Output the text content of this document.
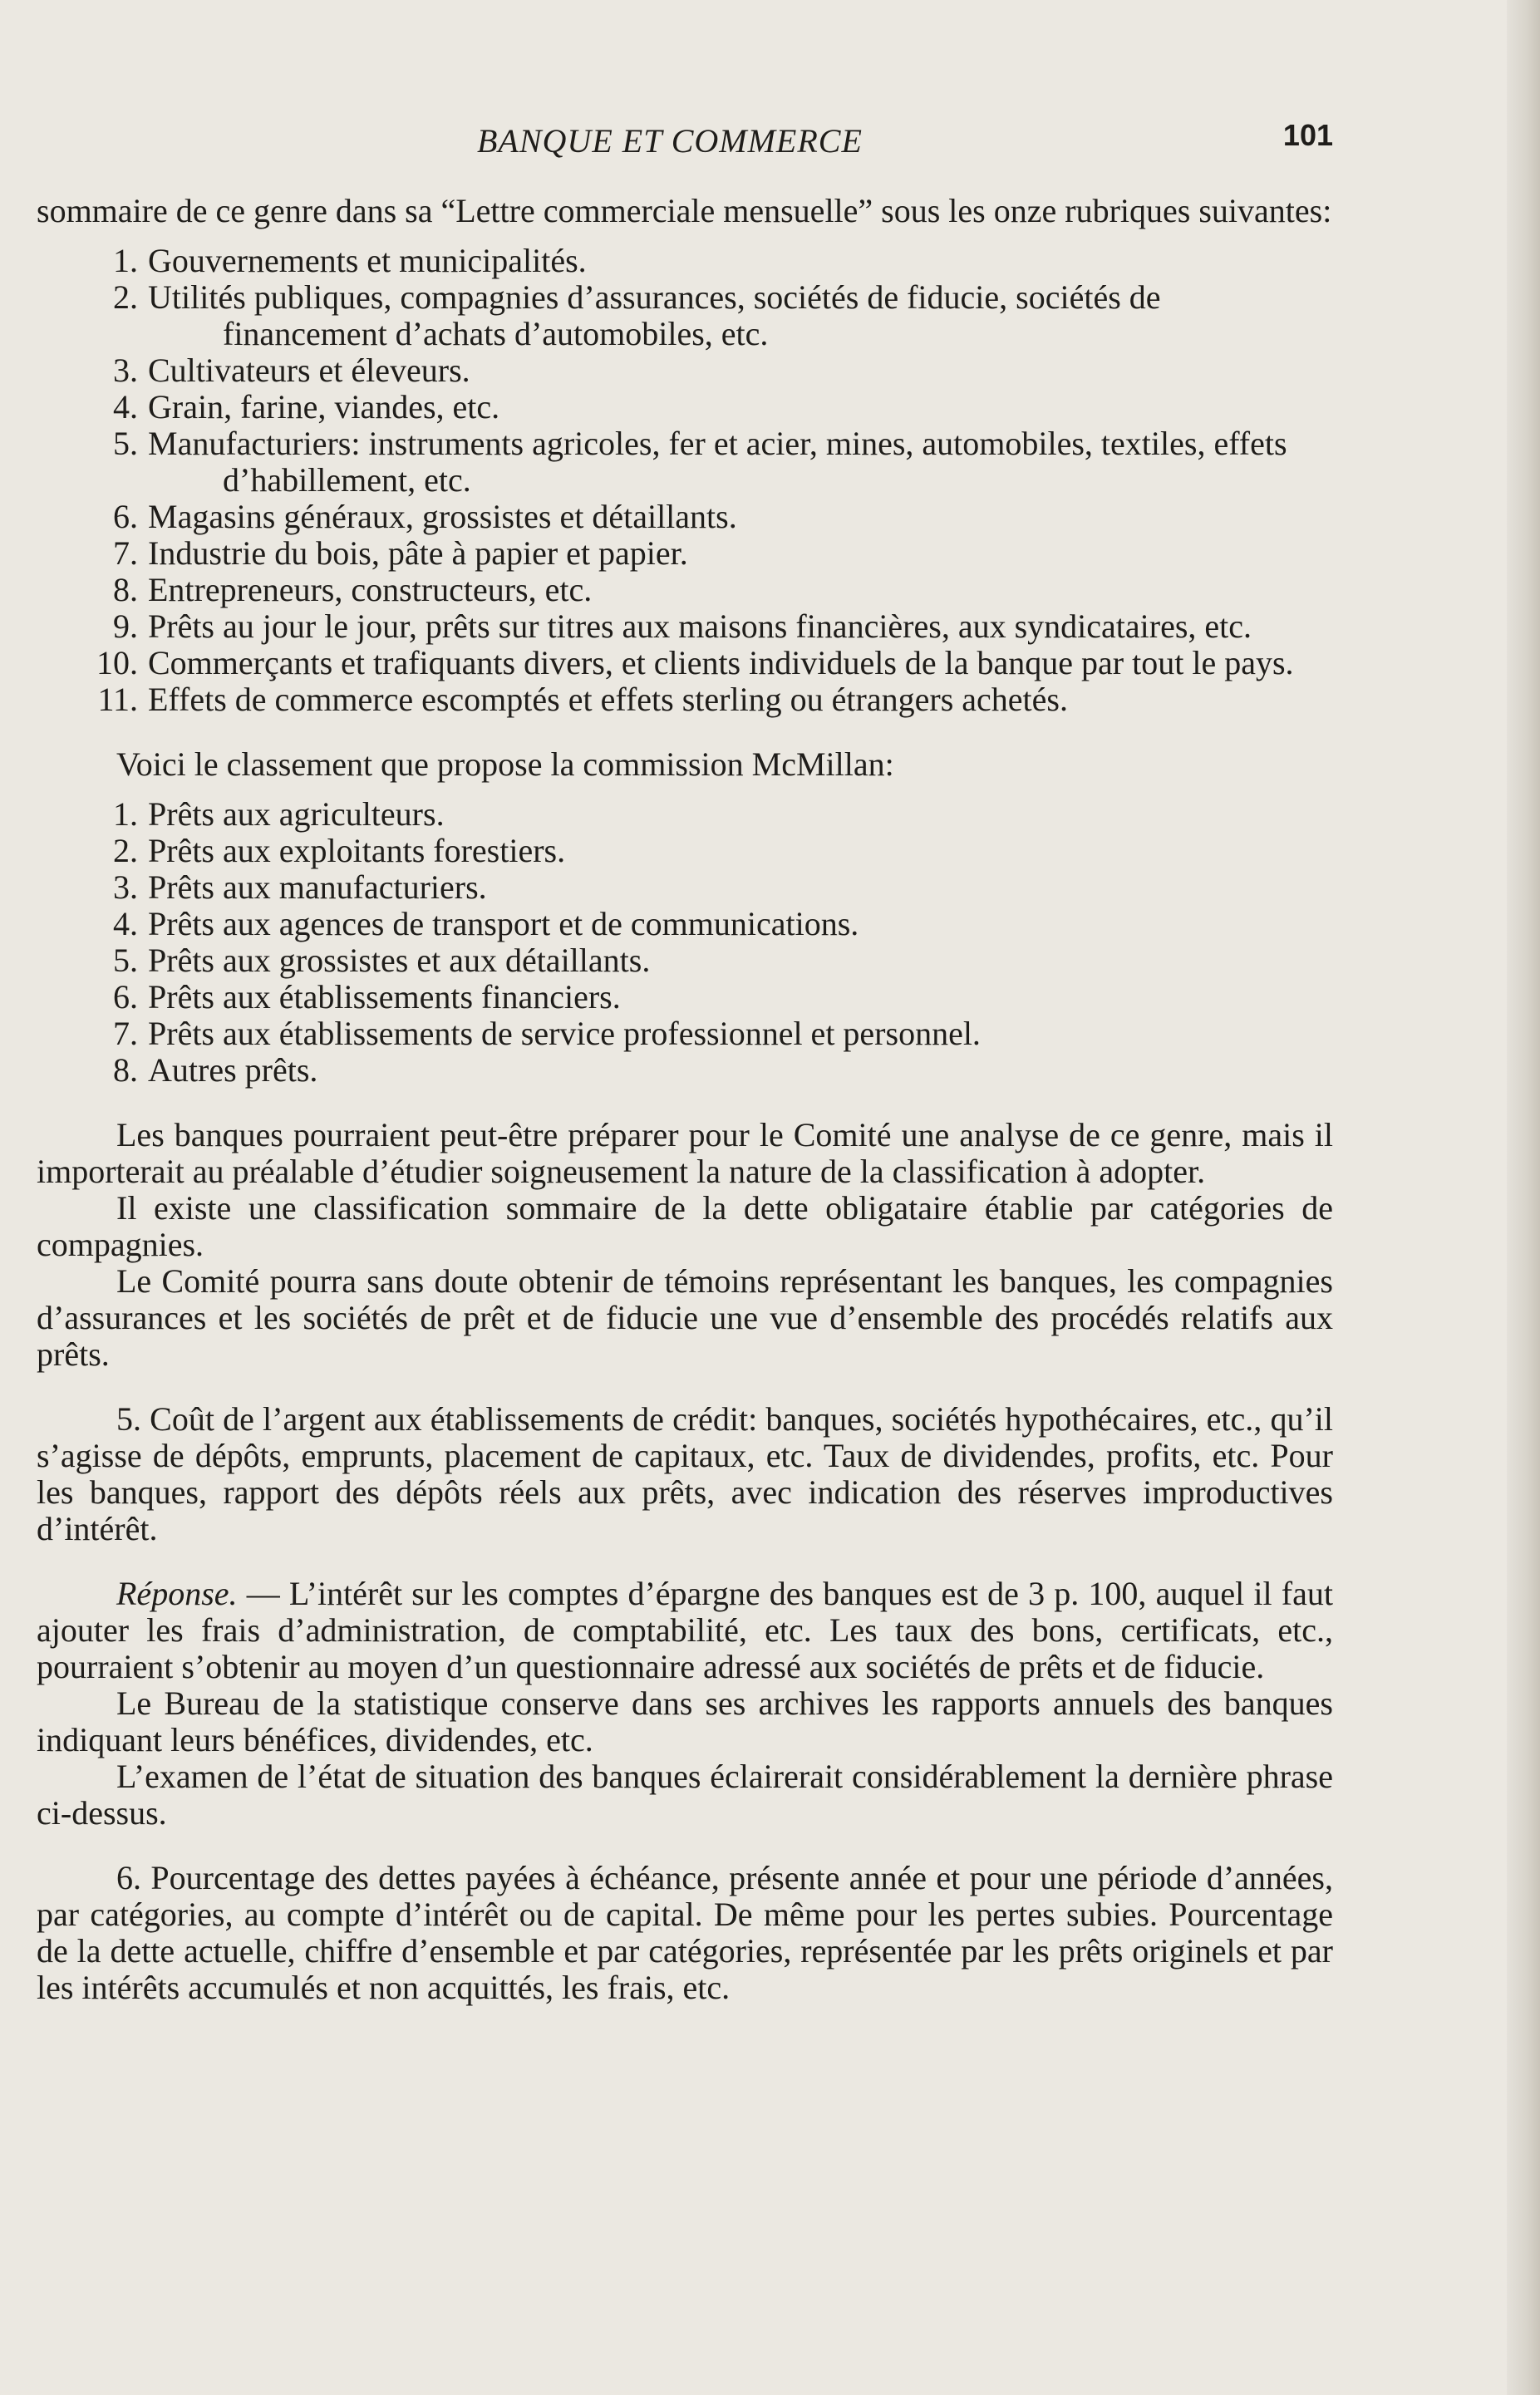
BANQUE ET COMMERCE	101

sommaire de ce genre dans sa “Lettre commerciale mensuelle” sous les onze rubriques suivantes:

1. Gouvernements et municipalités.
2. Utilités publiques, compagnies d’assurances, sociétés de fiducie, sociétés de financement d’achats d’automobiles, etc.
3. Cultivateurs et éleveurs.
4. Grain, farine, viandes, etc.
5. Manufacturiers: instruments agricoles, fer et acier, mines, automobiles, textiles, effets d’habillement, etc.
6. Magasins généraux, grossistes et détaillants.
7. Industrie du bois, pâte à papier et papier.
8. Entrepreneurs, constructeurs, etc.
9. Prêts au jour le jour, prêts sur titres aux maisons financières, aux syndicataires, etc.
10. Commerçants et trafiquants divers, et clients individuels de la banque par tout le pays.
11. Effets de commerce escomptés et effets sterling ou étrangers achetés.

Voici le classement que propose la commission McMillan:

1. Prêts aux agriculteurs.
2. Prêts aux exploitants forestiers.
3. Prêts aux manufacturiers.
4. Prêts aux agences de transport et de communications.
5. Prêts aux grossistes et aux détaillants.
6. Prêts aux établissements financiers.
7. Prêts aux établissements de service professionnel et personnel.
8. Autres prêts.

Les banques pourraient peut-être préparer pour le Comité une analyse de ce genre, mais il importerait au préalable d’étudier soigneusement la nature de la classification à adopter.

Il existe une classification sommaire de la dette obligataire établie par catégories de compagnies.

Le Comité pourra sans doute obtenir de témoins représentant les banques, les compagnies d’assurances et les sociétés de prêt et de fiducie une vue d’ensemble des procédés relatifs aux prêts.

5. Coût de l’argent aux établissements de crédit: banques, sociétés hypothécaires, etc., qu’il s’agisse de dépôts, emprunts, placement de capitaux, etc. Taux de dividendes, profits, etc. Pour les banques, rapport des dépôts réels aux prêts, avec indication des réserves improductives d’intérêt.

Réponse. — L’intérêt sur les comptes d’épargne des banques est de 3 p. 100, auquel il faut ajouter les frais d’administration, de comptabilité, etc. Les taux des bons, certificats, etc., pourraient s’obtenir au moyen d’un questionnaire adressé aux sociétés de prêts et de fiducie.

Le Bureau de la statistique conserve dans ses archives les rapports annuels des banques indiquant leurs bénéfices, dividendes, etc.

L’examen de l’état de situation des banques éclairerait considérablement la dernière phrase ci-dessus.

6. Pourcentage des dettes payées à échéance, présente année et pour une période d’années, par catégories, au compte d’intérêt ou de capital. De même pour les pertes subies. Pourcentage de la dette actuelle, chiffre d’ensemble et par catégories, représentée par les prêts originels et par les intérêts accumulés et non acquittés, les frais, etc.
